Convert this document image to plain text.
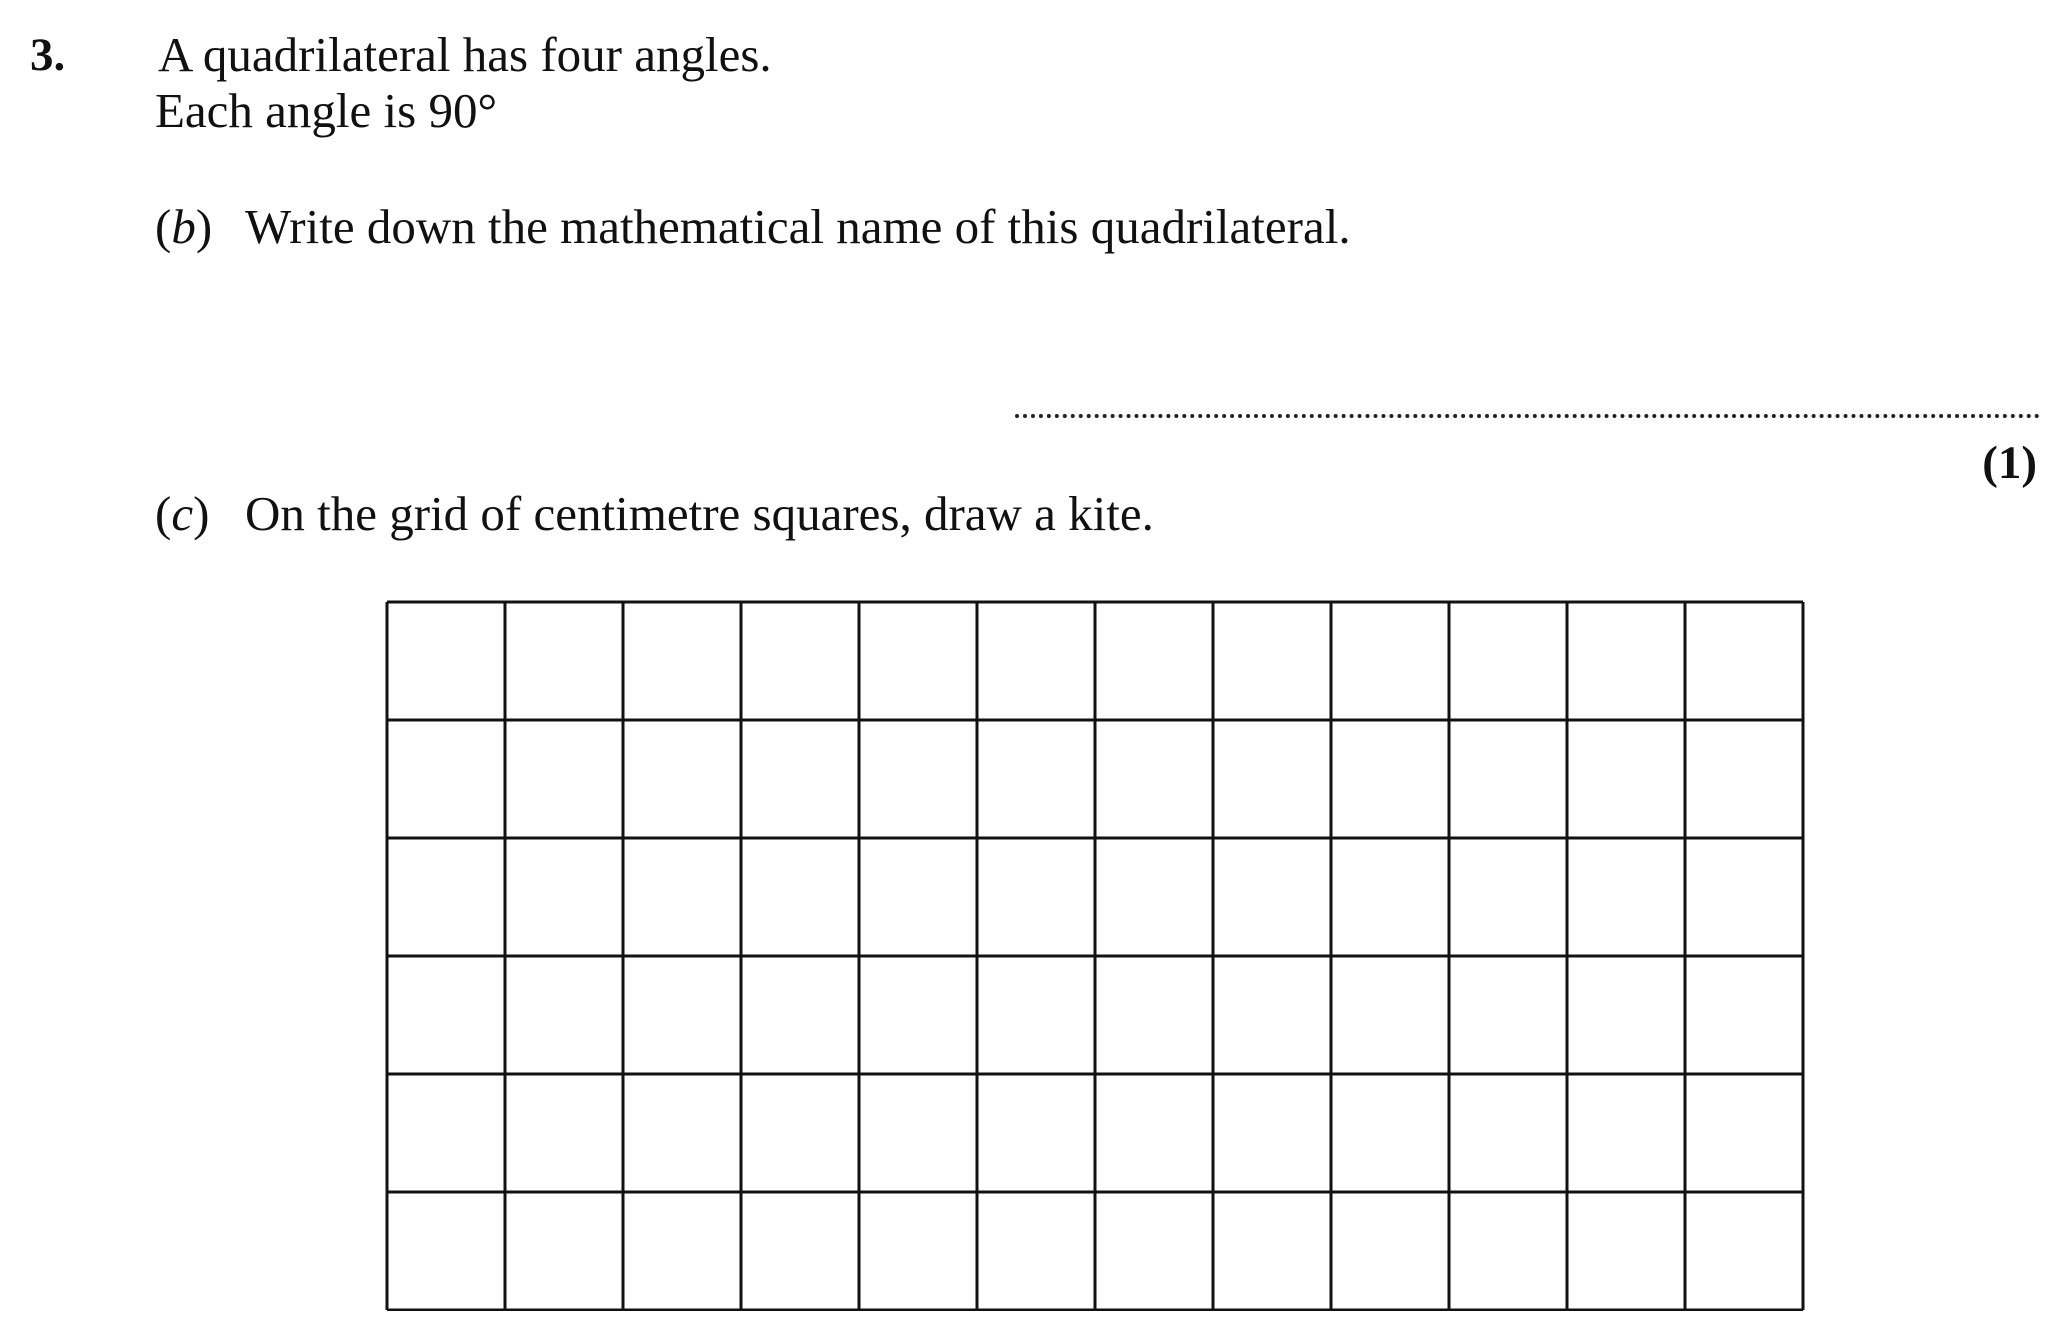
3. A quadrilateral has four angles.
Each angle is 90°
(b) Write down the mathematical name of this quadrilateral.
(1)
(c) On the grid of centimetre squares, draw a kite.
